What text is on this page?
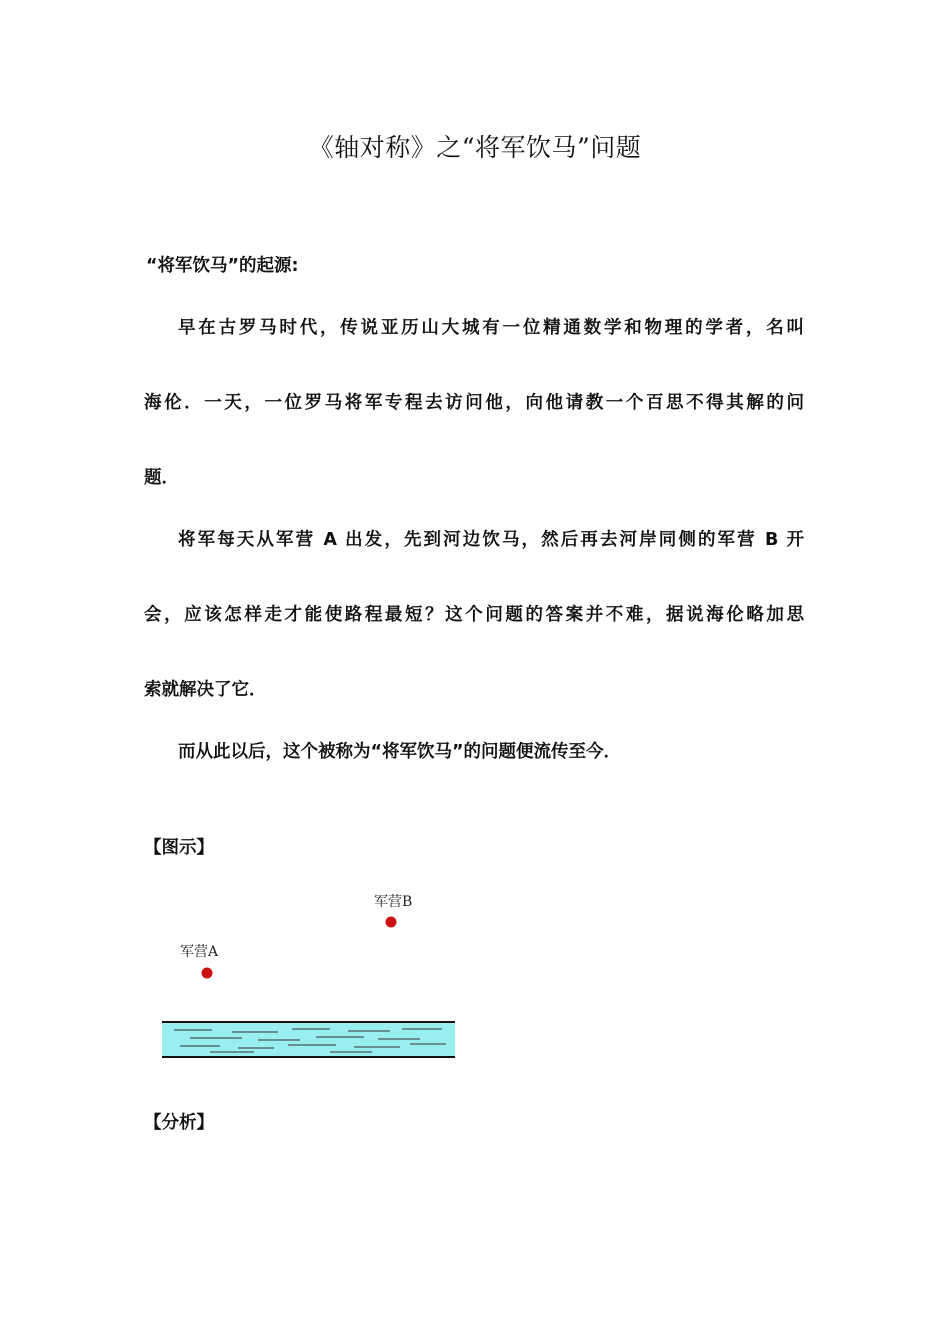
《轴对称》之“将军饮马”问题
“将军饮马”的起源:
早在古罗马时代，传说亚历山大城有一位精通数学和物理的学者，名叫
海伦．一天，一位罗马将军专程去访问他，向他请教一个百思不得其解的问
题．
将军每天从军营 A 出发，先到河边饮马，然后再去河岸同侧的军营 B 开
会，应该怎样走才能使路程最短？这个问题的答案并不难，据说海伦略加思
索就解决了它．
而从此以后，这个被称为“将军饮马”的问题便流传至今．
【图示】
军营B
军营A
【分析】
